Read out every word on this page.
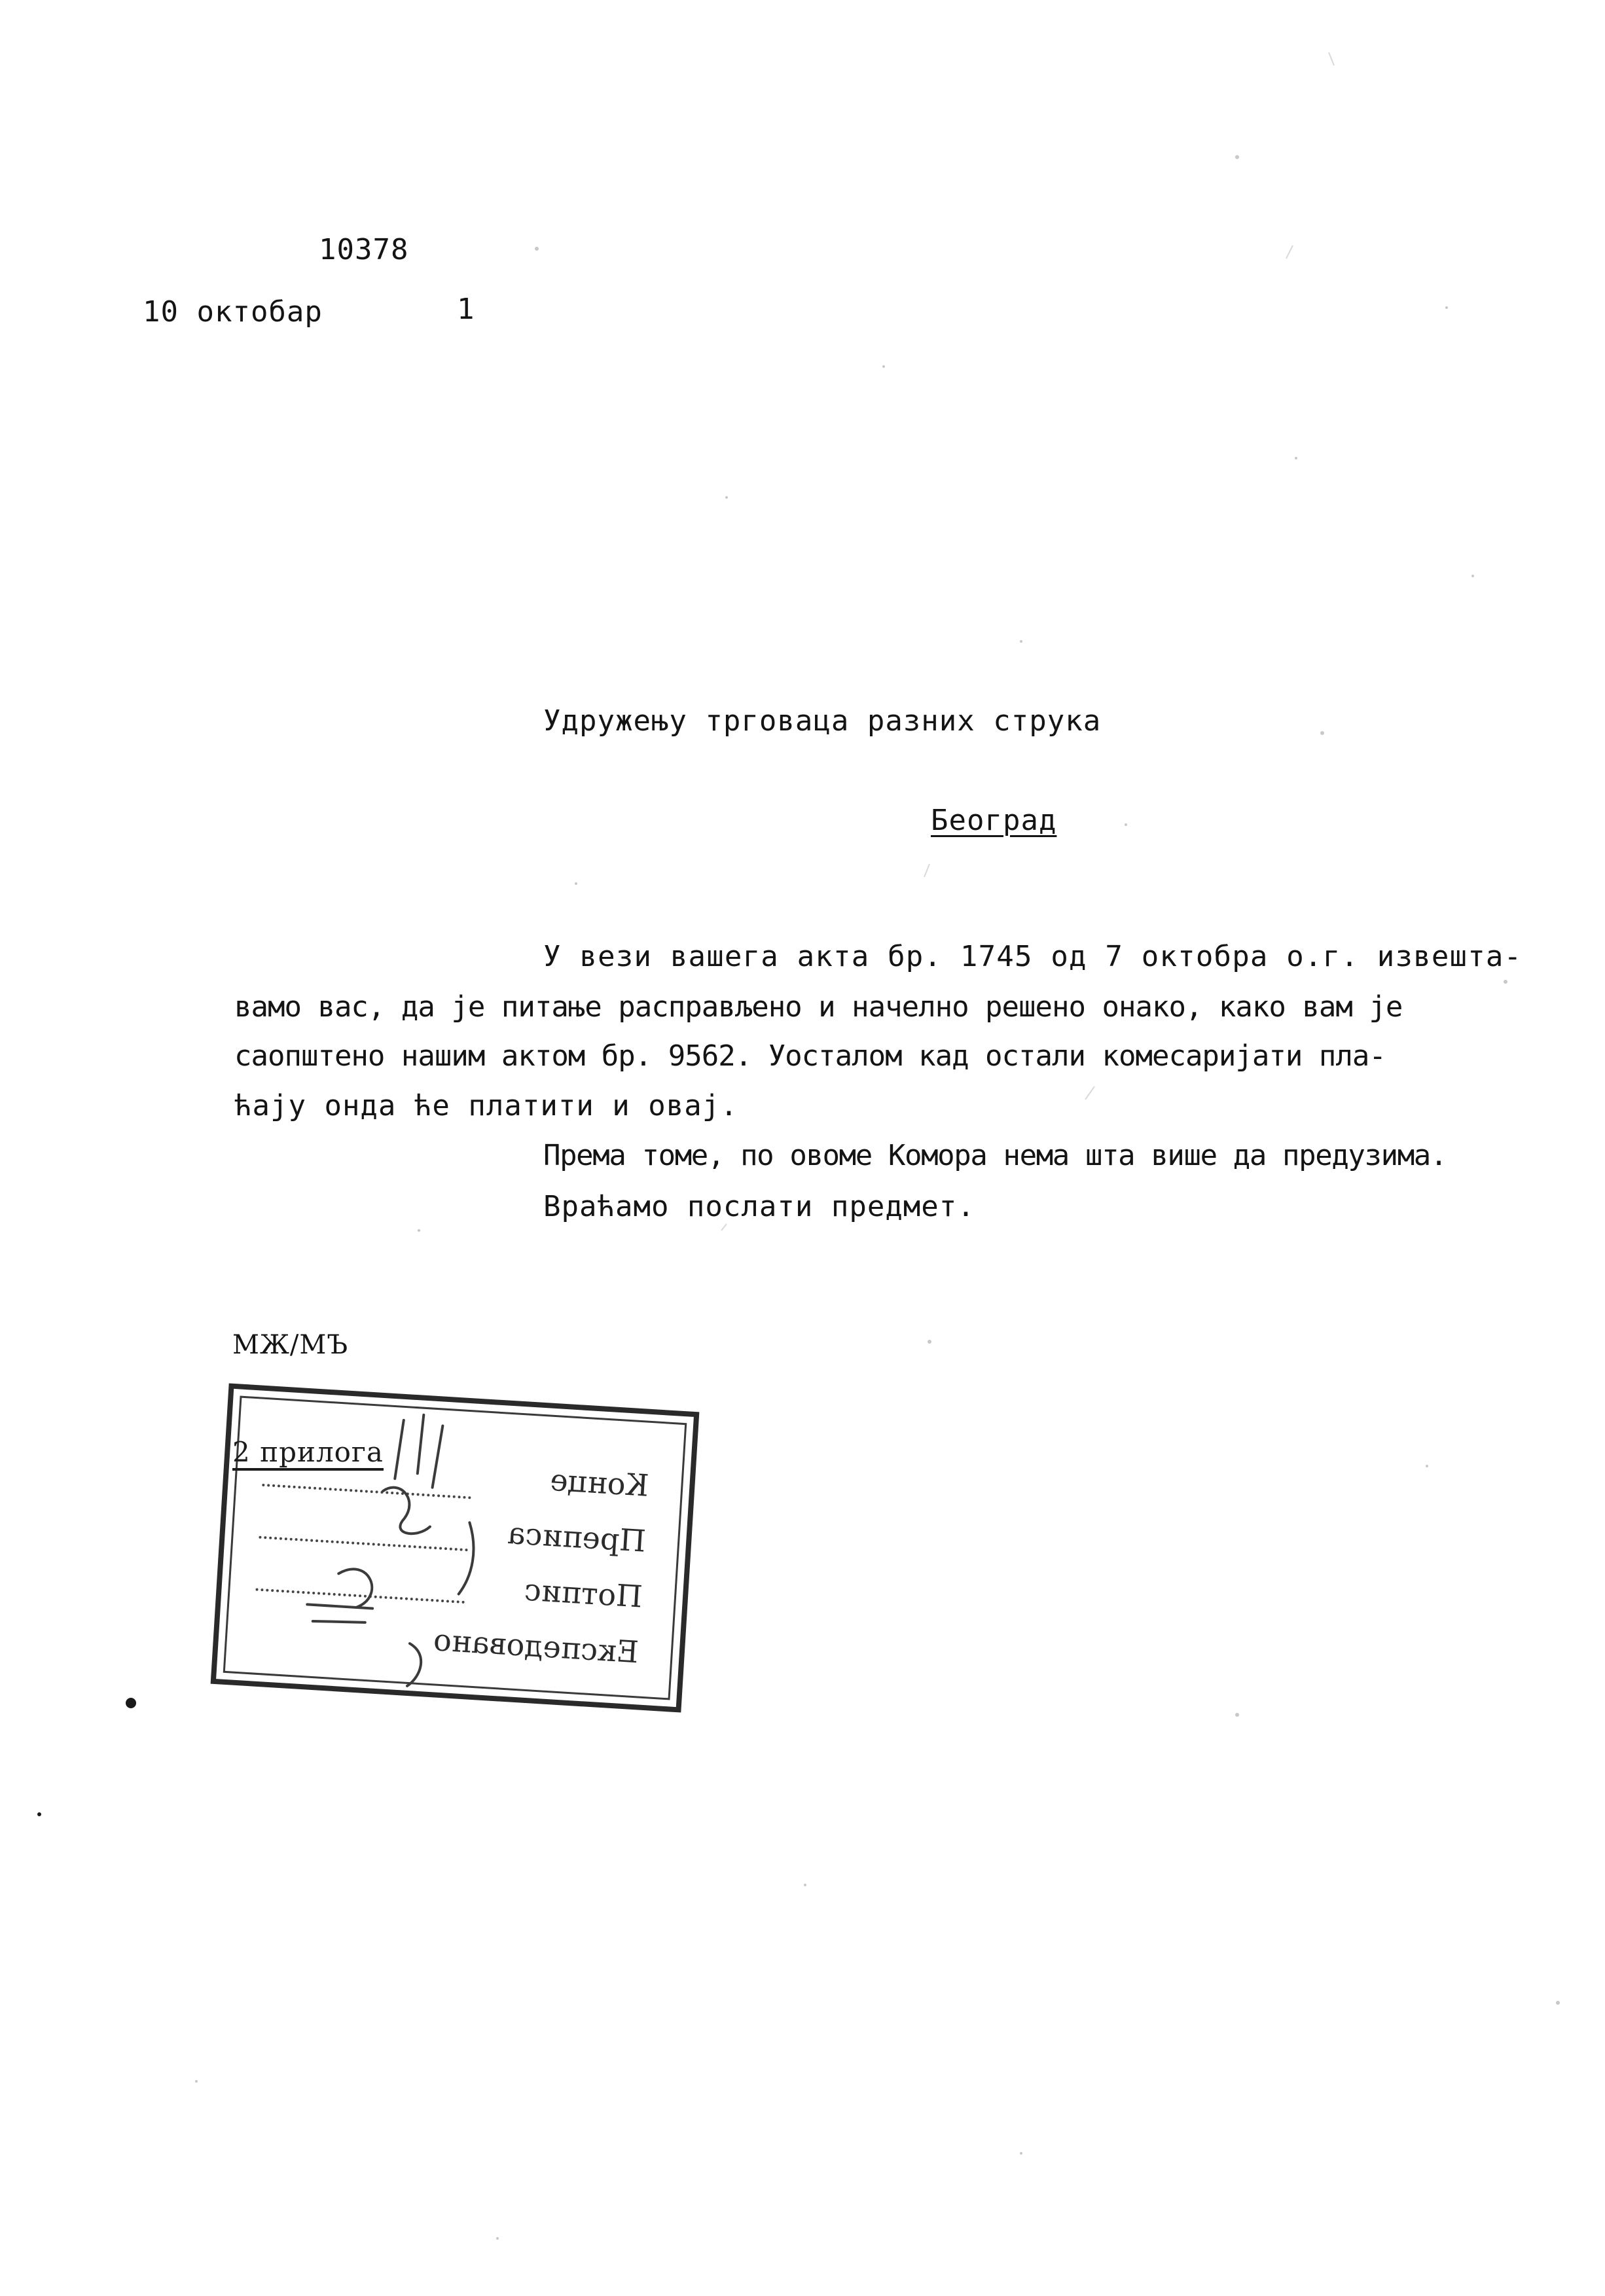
10378
10 октобар	1
Удружењу трговаца разних струка
Београд
У вези вашега акта бр. 1745 од 7 октобра о.г. извешта-
вамо вас, да је питање расправљено и начелно решено онако, како вам је
саопштено нашим актом бр. 9562. Уосталом кад остали комесаријати пла-
ћају онда ће платити и овај.
Према томе, по овоме Комора нема шта више да предузима.
Враћамо послати предмет.
МЖ/МЪ
Конце
Преписа
Потпис
Експедовано
2 прилога
